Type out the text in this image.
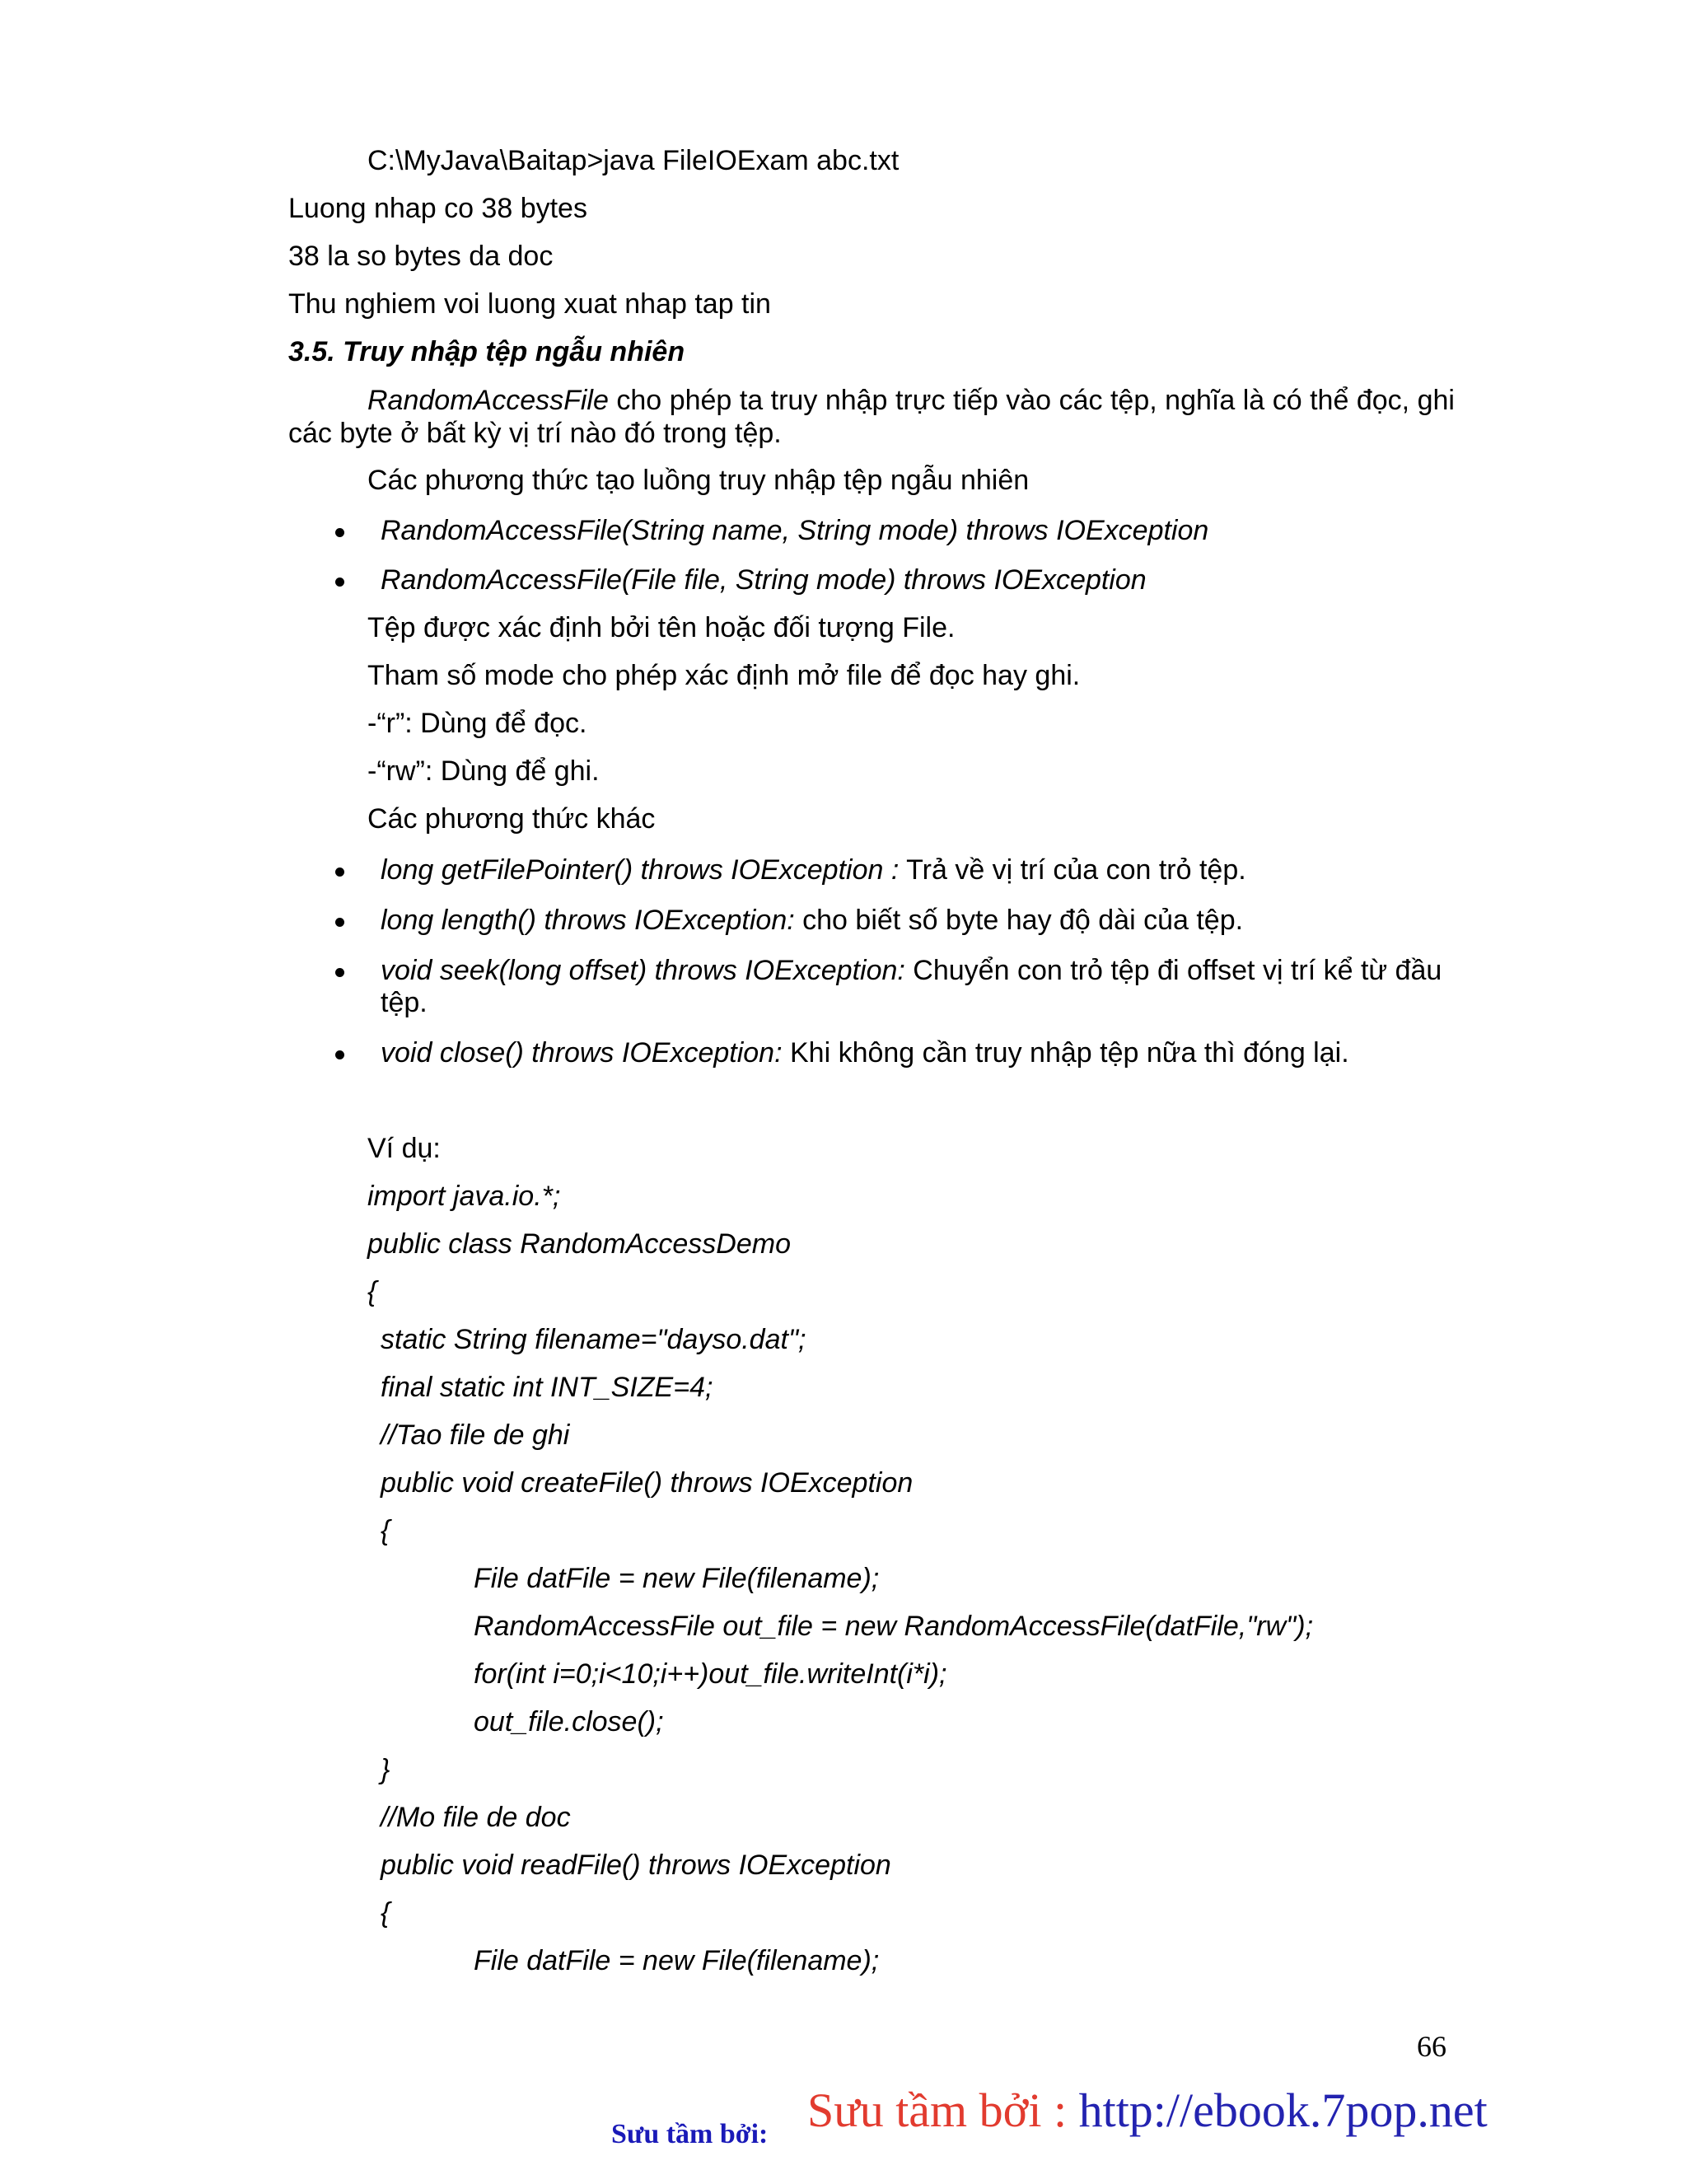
C:\MyJava\Baitap>java FileIOExam abc.txt
Luong nhap co 38 bytes
38 la so bytes da doc
Thu nghiem voi luong xuat nhap tap tin
3.5. Truy nhập tệp ngẫu nhiên
RandomAccessFile cho phép ta truy nhập trực tiếp vào các tệp, nghĩa là có thể đọc, ghi các byte ở bất kỳ vị trí nào đó trong tệp.
Các phương thức tạo luồng truy nhập tệp ngẫu nhiên
RandomAccessFile(String name, String mode) throws IOException
RandomAccessFile(File file, String mode) throws IOException
Tệp được xác định bởi tên hoặc đối tượng File.
Tham số mode cho phép xác định mở file để đọc hay ghi.
-“r”: Dùng để đọc.
-“rw”: Dùng để ghi.
Các phương thức khác
long getFilePointer() throws IOException : Trả về vị trí của con trỏ tệp.
long length() throws IOException: cho biết số byte hay độ dài của tệp.
void seek(long offset) throws IOException: Chuyển con trỏ tệp đi offset vị trí kể từ đầu
tệp.
void close() throws IOException: Khi không cần truy nhập tệp nữa thì đóng lại.
Ví dụ:
import java.io.*;
public class RandomAccessDemo
{
static String filename="dayso.dat";
final static int INT_SIZE=4;
//Tao file de ghi
public void createFile() throws IOException
{
File datFile = new File(filename);
RandomAccessFile out_file = new RandomAccessFile(datFile,"rw");
for(int i=0;i<10;i++)out_file.writeInt(i*i);
out_file.close();
}
//Mo file de doc
public void readFile() throws IOException
{
File datFile = new File(filename);
66
Sưu tầm bởi: Sưu tầm bởi : http://ebook.7pop.net
